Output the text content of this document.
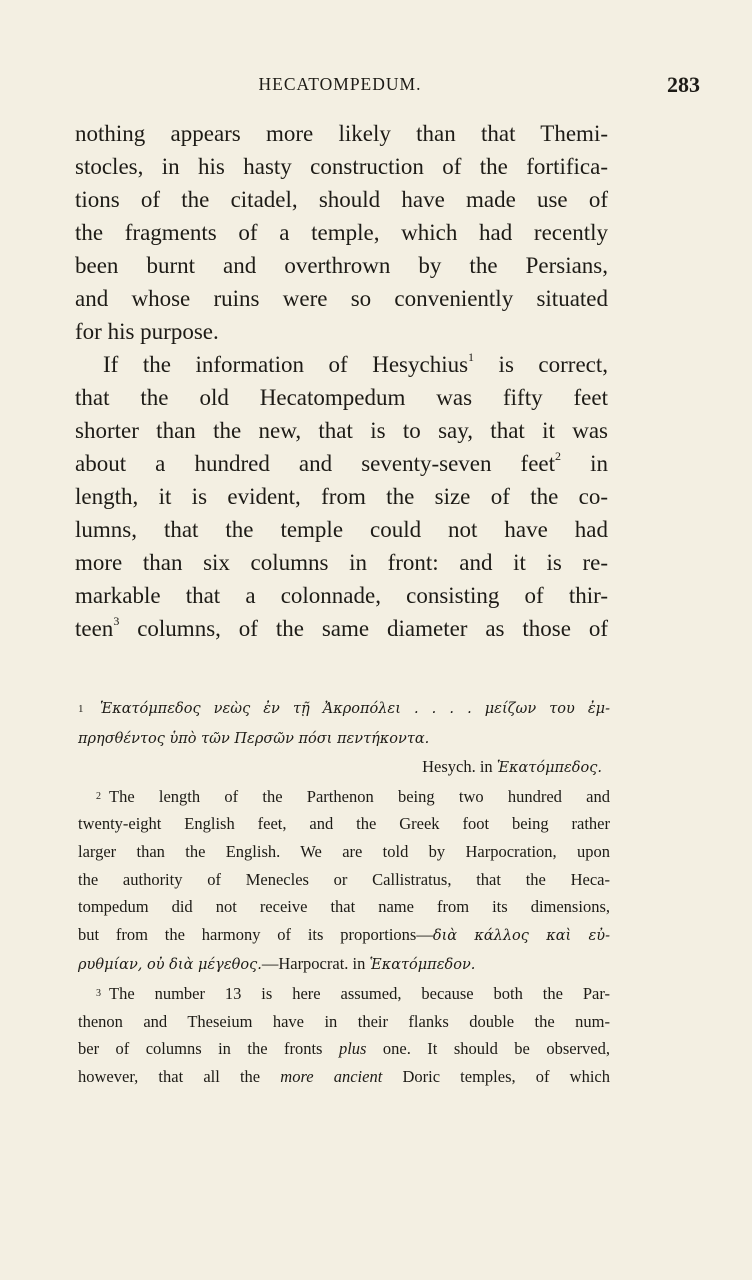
HECATOMPEDUM.	283
nothing appears more likely than that Themi-
stocles, in his hasty construction of the fortifica-
tions of the citadel, should have made use of
the fragments of a temple, which had recently
been burnt and overthrown by the Persians,
and whose ruins were so conveniently situated
for his purpose.
If the information of Hesychius$^1$ is correct,
that the old Hecatompedum was fifty feet
shorter than the new, that is to say, that it was
about a hundred and seventy-seven feet$^2$ in
length, it is evident, from the size of the co-
lumns, that the temple could not have had
more than six columns in front: and it is re-
markable that a colonnade, consisting of thir-
teen$^3$ columns, of the same diameter as those of
1 Ἑκατόμπεδος νεὼς ἐν τῇ Ἀκροπόλει . . . . μείζων του ἐμ-
πρησθέντος ὑπὸ τῶν Περσῶν πόσι πεντήκοντα.
Hesych. in Ἑκατόμπεδος.
$^2$ The length of the Parthenon being two hundred and
twenty-eight English feet, and the Greek foot being rather
larger than the English. We are told by Harpocration, upon
the authority of Menecles or Callistratus, that the Heca-
tompedum did not receive that name from its dimensions,
but from the harmony of its proportions—διὰ κάλλος καὶ εὐ-
ρυθμίαν, οὐ διὰ μέγεθος.—Harpocrat. in Ἑκατόμπεδον.
$^3$ The number 13 is here assumed, because both the Par-
thenon and Theseium have in their flanks double the num-
ber of columns in the fronts plus one. It should be observed,
however, that all the more ancient Doric temples, of which
